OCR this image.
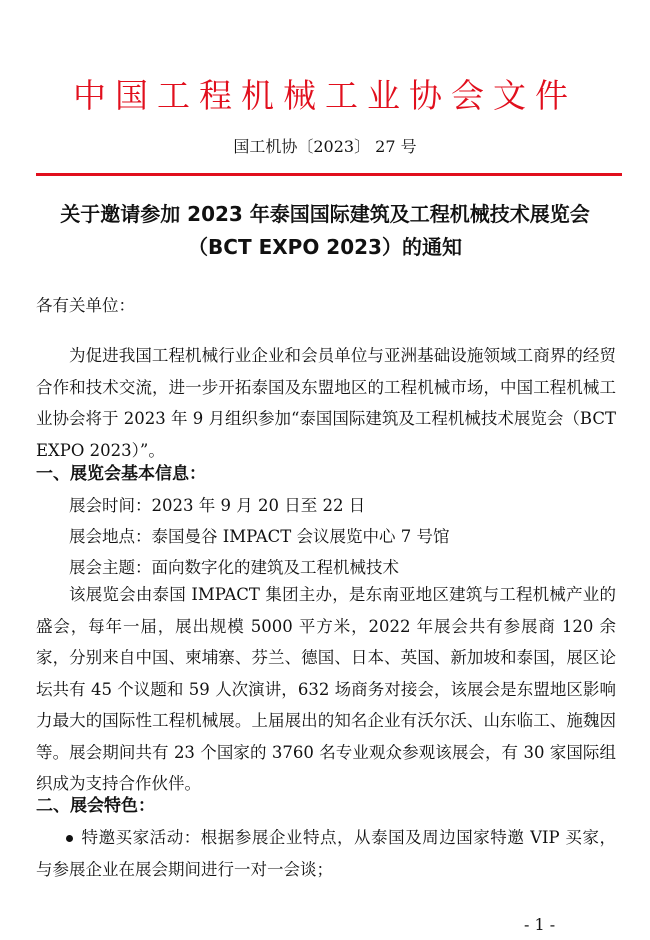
中国工程机械工业协会文件
国工机协〔2023〕 27 号
关于邀请参加 2023 年泰国国际建筑及工程机械技术展览会
（BCT EXPO 2023）的通知
各有关单位：
为促进我国工程机械行业企业和会员单位与亚洲基础设施领域工商界的经贸合作和技术交流，进一步开拓泰国及东盟地区的工程机械市场，中国工程机械工业协会将于 2023 年 9 月组织参加“泰国国际建筑及工程机械技术展览会（BCT EXPO 2023）”。
一、展览会基本信息：
展会时间：2023 年 9 月 20 日至 22 日
展会地点：泰国曼谷 IMPACT 会议展览中心 7 号馆
展会主题：面向数字化的建筑及工程机械技术
该展览会由泰国 IMPACT 集团主办，是东南亚地区建筑与工程机械产业的盛会，每年一届，展出规模 5000 平方米，2022 年展会共有参展商 120 余家，分别来自中国、柬埔寨、芬兰、德国、日本、英国、新加坡和泰国，展区论坛共有 45 个议题和 59 人次演讲，632 场商务对接会，该展会是东盟地区影响力最大的国际性工程机械展。上届展出的知名企业有沃尔沃、山东临工、施魏因等。展会期间共有 23 个国家的 3760 名专业观众参观该展会，有 30 家国际组织成为支持合作伙伴。
二、展会特色：
特邀买家活动：根据参展企业特点，从泰国及周边国家特邀 VIP 买家，与参展企业在展会期间进行一对一会谈；
- 1 -
